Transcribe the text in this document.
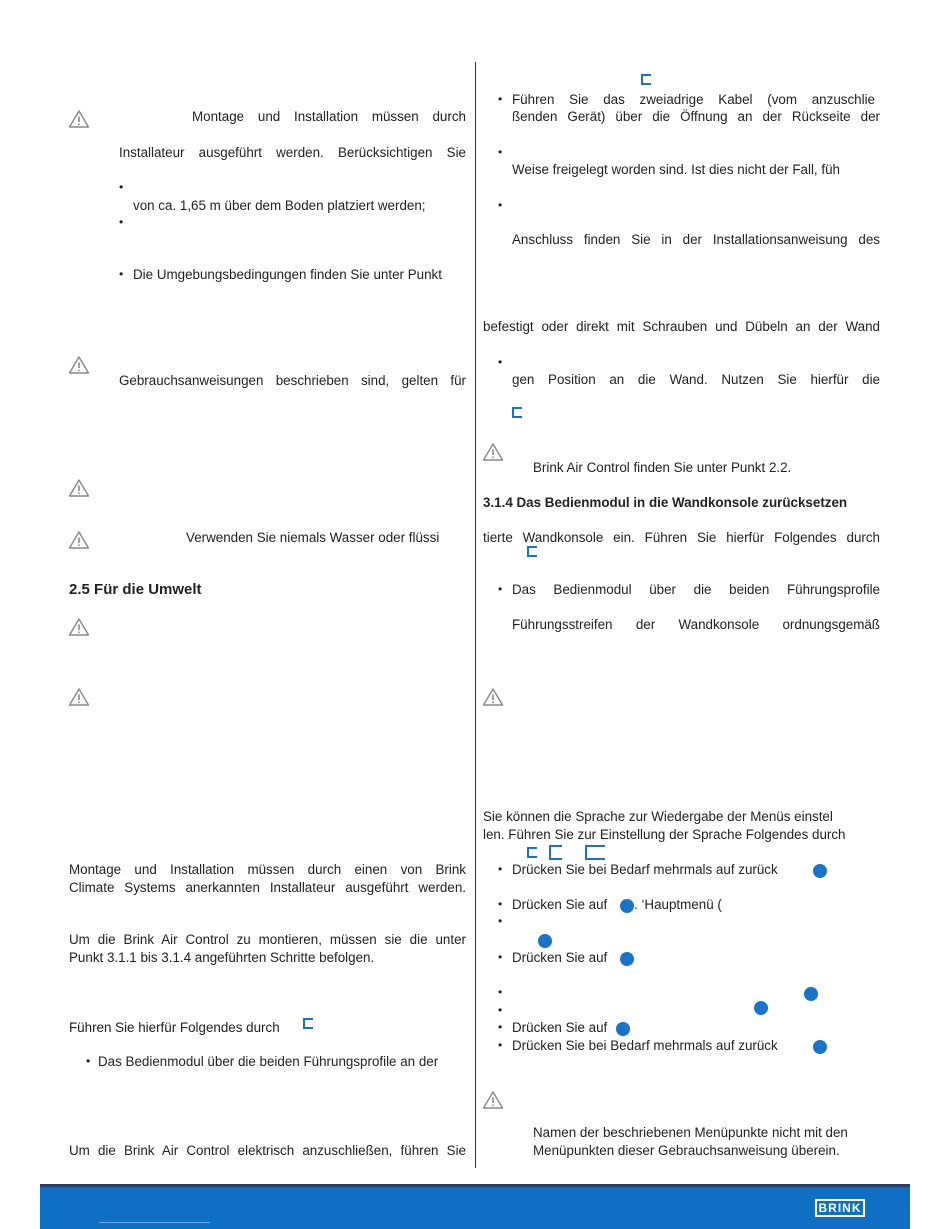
Montage und Installation müssen durch
Installateur ausgeführt werden. Berücksichtigen Sie
•
von ca. 1,65 m über dem Boden platziert werden;
•
• Die Umgebungsbedingungen finden Sie unter Punkt
Gebrauchsanweisungen beschrieben sind, gelten für
Verwenden Sie niemals Wasser oder flüssi
2.5 Für die Umwelt
Montage und Installation müssen durch einen von Brink
Climate Systems anerkannten Installateur ausgeführt werden.
Um die Brink Air Control zu montieren, müssen sie die unter
Punkt 3.1.1 bis 3.1.4 angeführten Schritte befolgen.
Führen Sie hierfür Folgendes durch
• Das Bedienmodul über die beiden Führungsprofile an der
Um die Brink Air Control elektrisch anzuschließen, führen Sie
• Führen Sie das zweiadrige Kabel (vom anzuschlie
ßenden Gerät) über die Öffnung an der Rückseite der
•
Weise freigelegt worden sind. Ist dies nicht der Fall, füh
•
Anschluss finden Sie in der Installationsanweisung des
befestigt oder direkt mit Schrauben und Dübeln an der Wand
•
gen Position an die Wand. Nutzen Sie hierfür die
Brink Air Control finden Sie unter Punkt 2.2.
3.1.4 Das Bedienmodul in die Wandkonsole zurücksetzen
tierte Wandkonsole ein. Führen Sie hierfür Folgendes durch
• Das Bedienmodul über die beiden Führungsprofile
Führungsstreifen der Wandkonsole ordnungsgemäß
Sie können die Sprache zur Wiedergabe der Menüs einstel
len. Führen Sie zur Einstellung der Sprache Folgendes durch
• Drücken Sie bei Bedarf mehrmals auf zurück
• Drücken Sie auf . ‘Hauptmenü (
•
• Drücken Sie auf
•
•
• Drücken Sie auf
• Drücken Sie bei Bedarf mehrmals auf zurück
Namen der beschriebenen Menüpunkte nicht mit den
Menüpunkten dieser Gebrauchsanweisung überein.
BRINK
